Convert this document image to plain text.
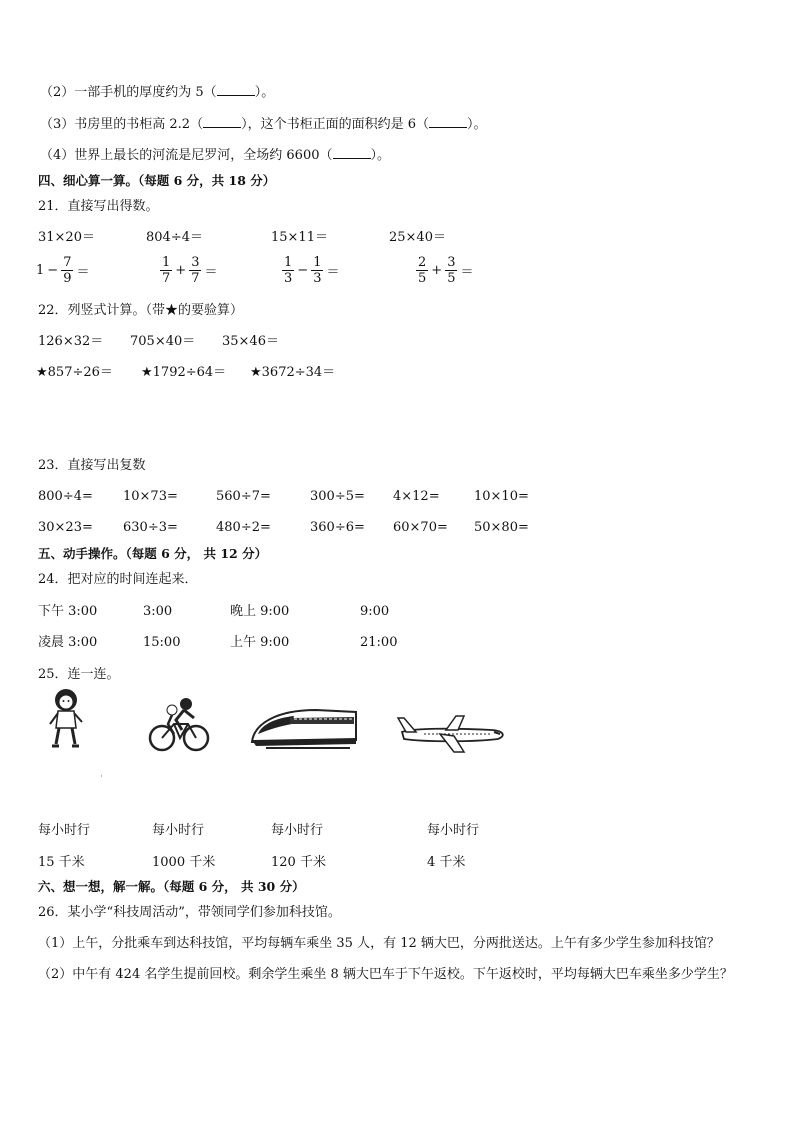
（2）一部手机的厚度约为 5（	）。
（3）书房里的书柜高 2.2（	），这个书柜正面的面积约是 6（	）。
（4）世界上最长的河流是尼罗河，全场约 6600（	）。
四、细心算一算。（每题 6 分，共 18 分）
21．直接写出得数。
31×20＝	804÷4＝	15×11＝	25×40＝
$1 - \frac{7}{9}$ ＝	$\frac{1}{7} + \frac{3}{7}$ ＝	$\frac{1}{3} - \frac{1}{3}$ ＝	$\frac{2}{5} + \frac{3}{5}$ ＝
22．列竖式计算。（带★的要验算）
126×32＝ 705×40＝ 35×46＝
★857÷26＝ ★1792÷64＝ ★3672÷34＝
23．直接写出复数
800÷4= 10×73=	560÷7=	300÷5= 4×12=	10×10=
30×23= 630÷3=	480÷2=	360÷6= 60×70= 50×80=
五、动手操作。（每题 6 分， 共 12 分）
24．把对应的时间连起来．
下午 3:00	3:00	晚上 9:00	9:00
凌晨 3:00	15:00	上午 9:00	21:00
25．连一连。
ˌ
每小时行	每小时行	每小时行	每小时行
15 千米	1000 千米	120 千米	4 千米
六、想一想，解一解。（每题 6 分， 共 30 分）
26．某小学“科技周活动”，带领同学们参加科技馆。
（1）上午，分批乘车到达科技馆，平均每辆车乘坐 35 人，有 12 辆大巴，分两批送达。上午有多少学生参加科技馆？
（2）中午有 424 名学生提前回校。剩余学生乘坐 8 辆大巴车于下午返校。下午返校时，平均每辆大巴车乘坐多少学生？
